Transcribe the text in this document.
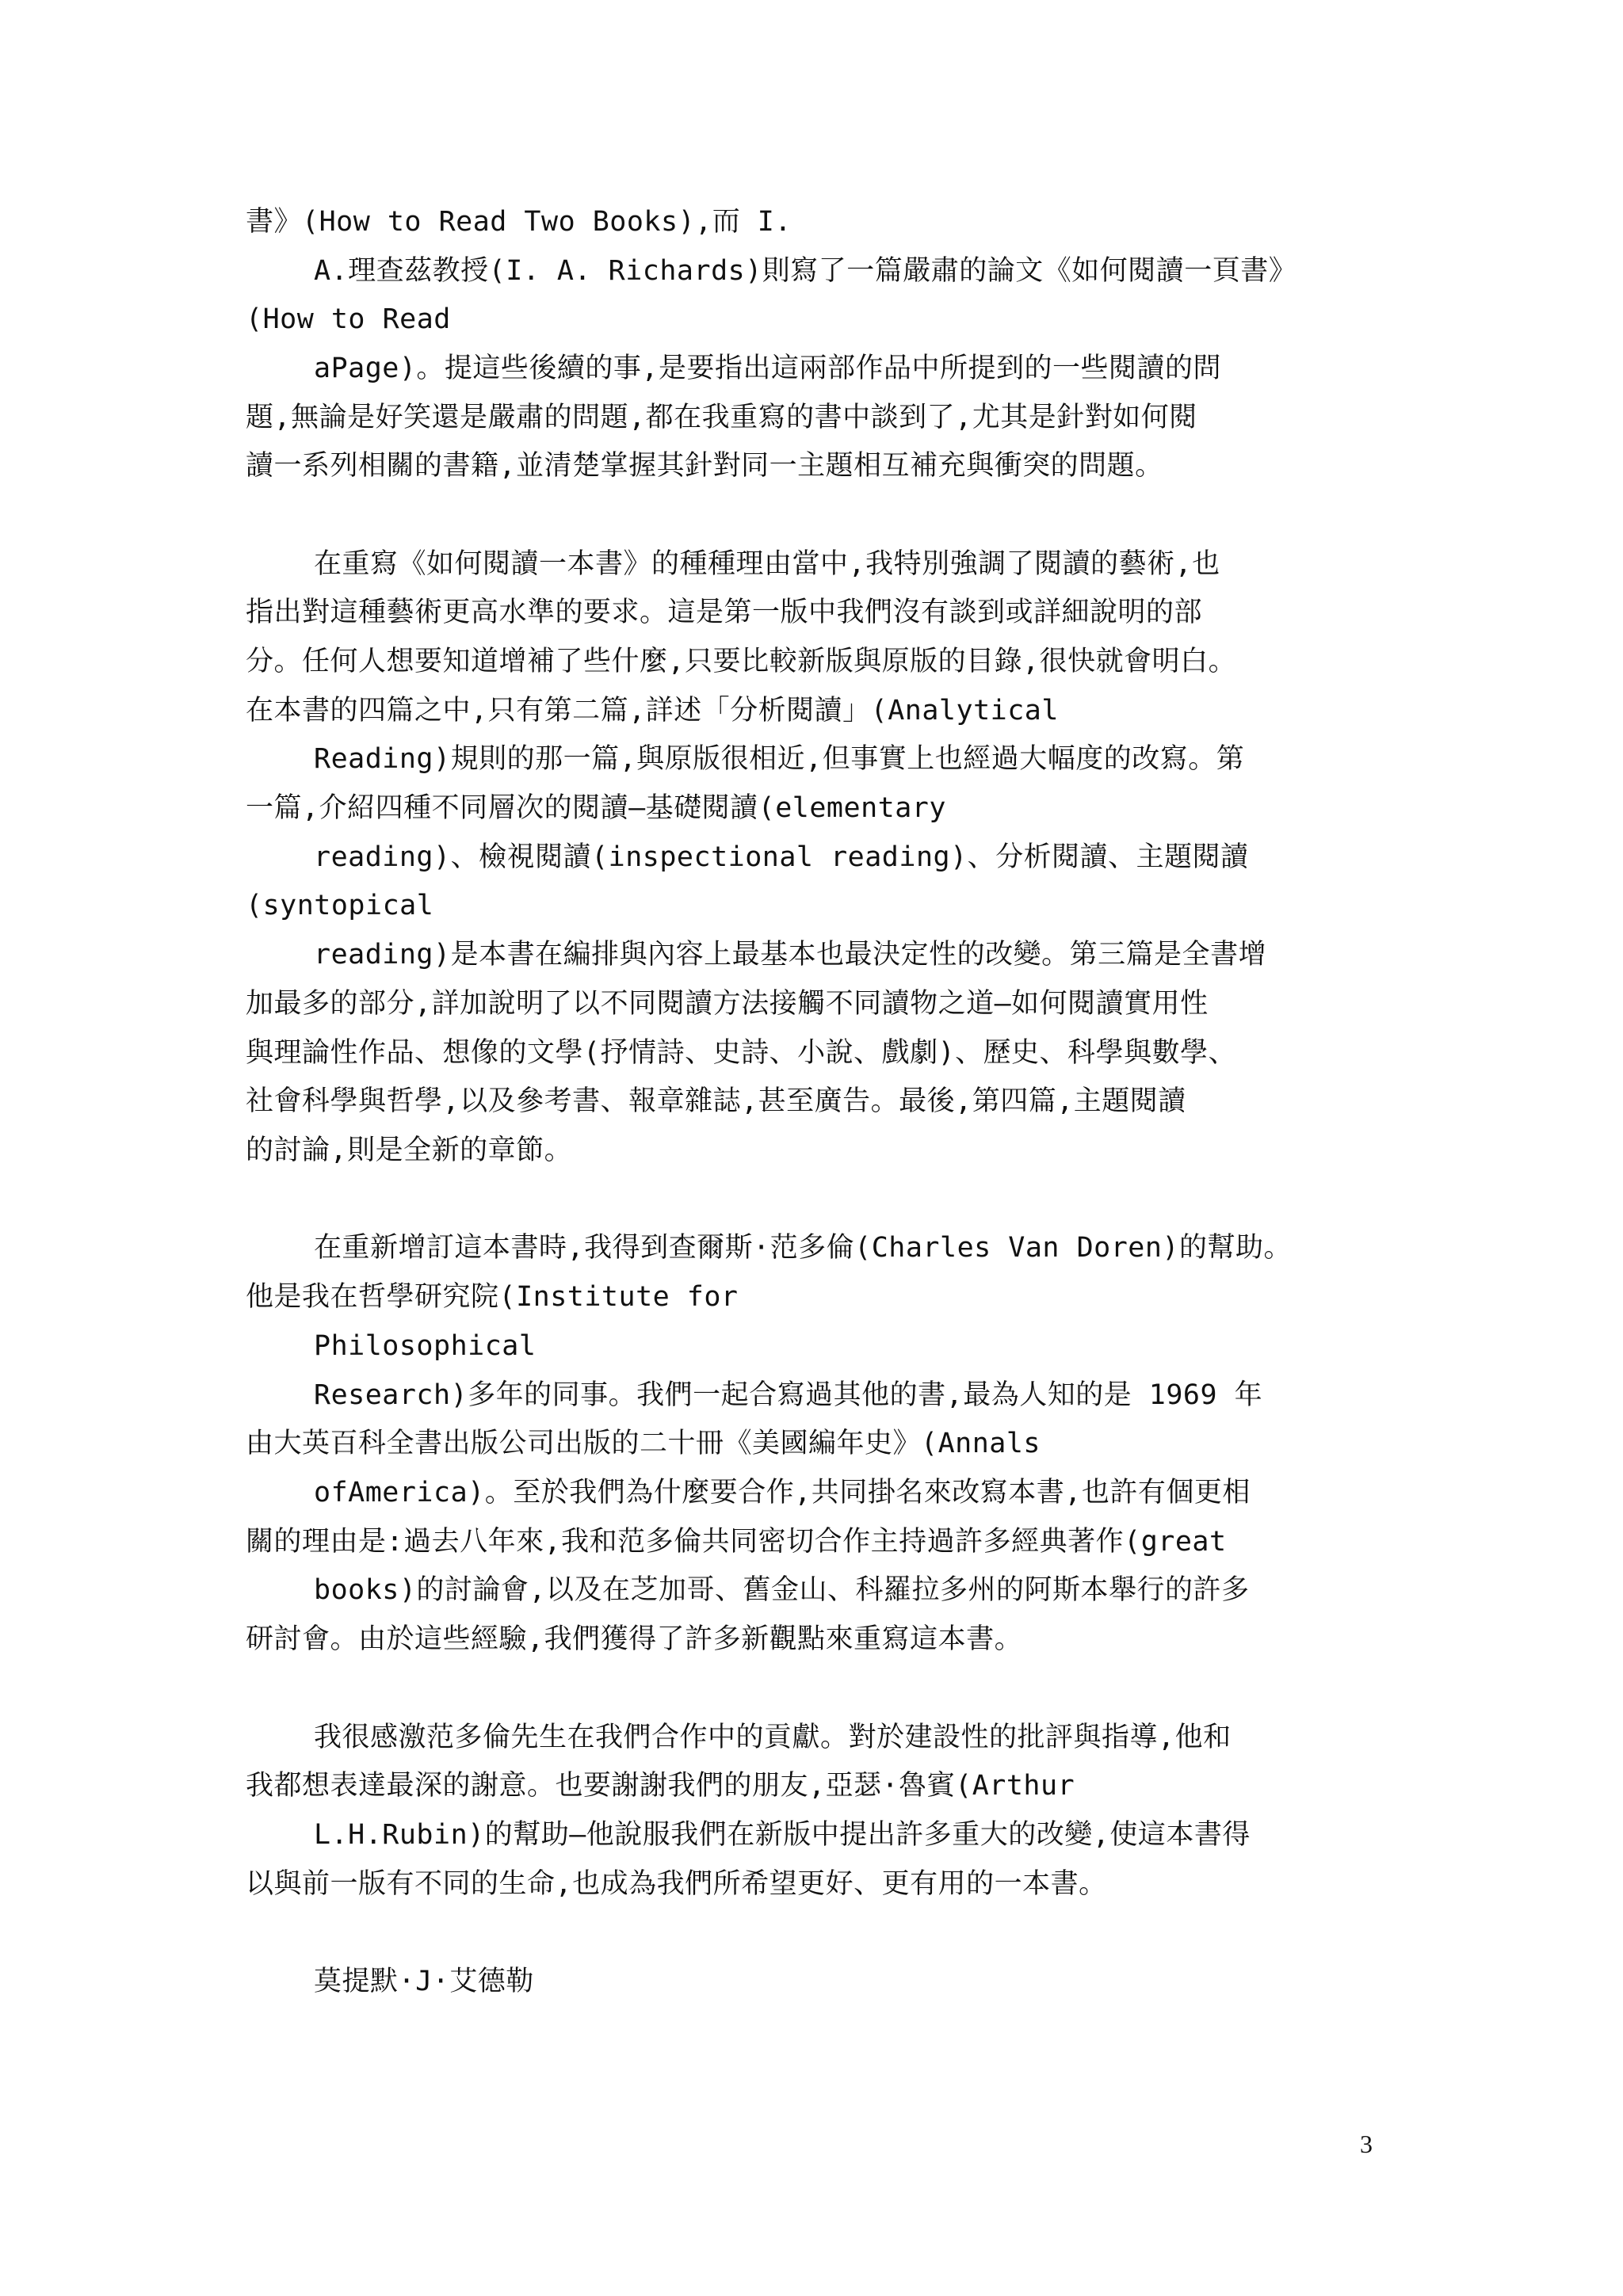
書》(How to Read Two Books),而 I.
A.理查茲教授(I. A. Richards)則寫了一篇嚴肅的論文《如何閱讀一頁書》
(How to Read
aPage)。提這些後續的事,是要指出這兩部作品中所提到的一些閱讀的問
題,無論是好笑還是嚴肅的問題,都在我重寫的書中談到了,尤其是針對如何閱
讀一系列相關的書籍,並清楚掌握其針對同一主題相互補充與衝突的問題。
在重寫《如何閱讀一本書》的種種理由當中,我特別強調了閱讀的藝術,也
指出對這種藝術更高水準的要求。這是第一版中我們沒有談到或詳細說明的部
分。任何人想要知道增補了些什麼,只要比較新版與原版的目錄,很快就會明白。
在本書的四篇之中,只有第二篇,詳述「分析閱讀」(Analytical
Reading)規則的那一篇,與原版很相近,但事實上也經過大幅度的改寫。第
一篇,介紹四種不同層次的閱讀—基礎閱讀(elementary
reading)、檢視閱讀(inspectional reading)、分析閱讀、主題閱讀
(syntopical
reading)是本書在編排與內容上最基本也最決定性的改變。第三篇是全書增
加最多的部分,詳加說明了以不同閱讀方法接觸不同讀物之道—如何閱讀實用性
與理論性作品、想像的文學(抒情詩、史詩、小說、戲劇)、歷史、科學與數學、
社會科學與哲學,以及參考書、報章雜誌,甚至廣告。最後,第四篇,主題閱讀
的討論,則是全新的章節。
在重新增訂這本書時,我得到查爾斯·范多倫(Charles Van Doren)的幫助。
他是我在哲學研究院(Institute for
Philosophical
Research)多年的同事。我們一起合寫過其他的書,最為人知的是 1969 年
由大英百科全書出版公司出版的二十冊《美國編年史》(Annals
ofAmerica)。至於我們為什麼要合作,共同掛名來改寫本書,也許有個更相
關的理由是:過去八年來,我和范多倫共同密切合作主持過許多經典著作(great
books)的討論會,以及在芝加哥、舊金山、科羅拉多州的阿斯本舉行的許多
研討會。由於這些經驗,我們獲得了許多新觀點來重寫這本書。
我很感激范多倫先生在我們合作中的貢獻。對於建設性的批評與指導,他和
我都想表達最深的謝意。也要謝謝我們的朋友,亞瑟·魯賓(Arthur
L.H.Rubin)的幫助—他說服我們在新版中提出許多重大的改變,使這本書得
以與前一版有不同的生命,也成為我們所希望更好、更有用的一本書。
莫提默·J·艾德勒
3
